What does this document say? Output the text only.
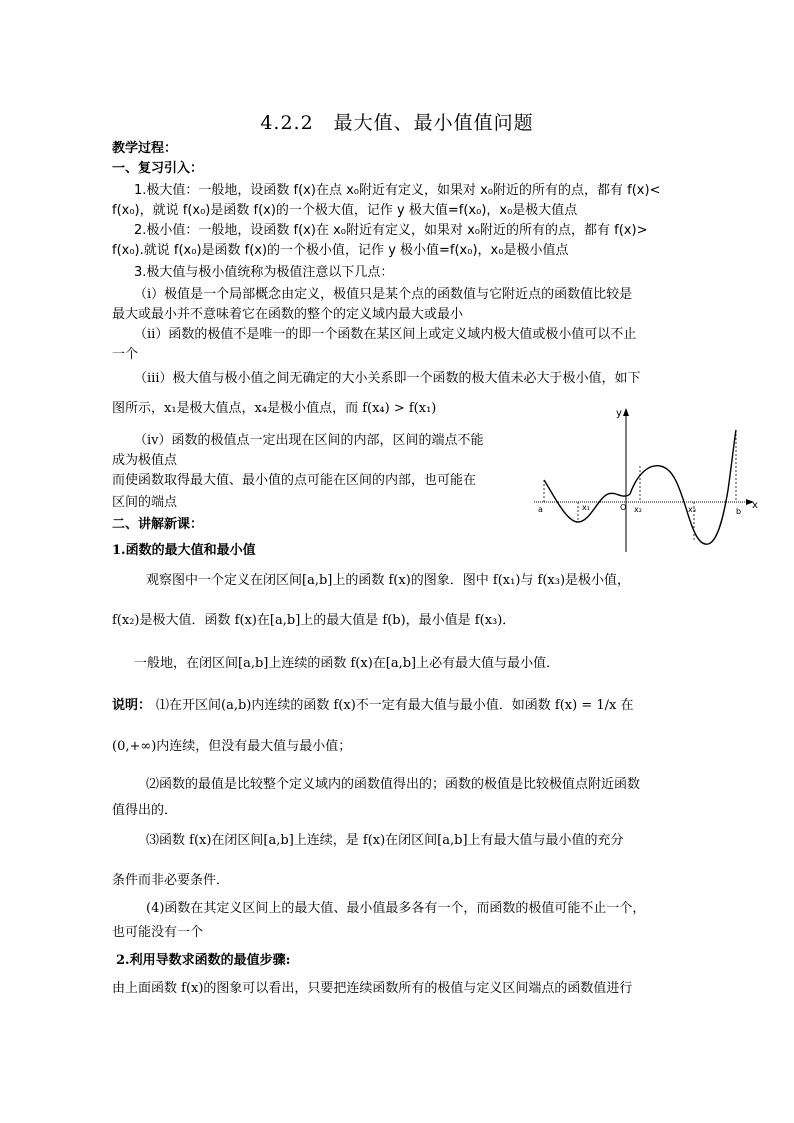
4.2.2　最大值、最小值值问题
教学过程：
一、复习引入：
1.极大值：一般地，设函数 f(x)在点 x₀附近有定义，如果对 x₀附近的所有的点，都有 f(x)<
f(x₀)，就说 f(x₀)是函数 f(x)的一个极大值，记作 y 极大值=f(x₀)，x₀是极大值点
2.极小值：一般地，设函数 f(x)在 x₀附近有定义，如果对 x₀附近的所有的点，都有 f(x)>
f(x₀).就说 f(x₀)是函数 f(x)的一个极小值，记作 y 极小值=f(x₀)，x₀是极小值点
3.极大值与极小值统称为极值注意以下几点：
（ⅰ）极值是一个局部概念由定义，极值只是某个点的函数值与它附近点的函数值比较是
最大或最小并不意味着它在函数的整个的定义域内最大或最小
（ⅱ）函数的极值不是唯一的即一个函数在某区间上或定义域内极大值或极小值可以不止
一个
（ⅲ）极大值与极小值之间无确定的大小关系即一个函数的极大值未必大于极小值，如下
图所示，x₁是极大值点，x₄是极小值点，而 f(x₄) > f(x₁)
（ⅳ）函数的极值点一定出现在区间的内部，区间的端点不能
成为极值点
而使函数取得最大值、最小值的点可能在区间的内部，也可能在
区间的端点
y
x
a	x₁	O x₂	x₃	b
二、讲解新课：
1.函数的最大值和最小值
观察图中一个定义在闭区间[a,b]上的函数 f(x)的图象．图中 f(x₁)与 f(x₃)是极小值，
f(x₂)是极大值．函数 f(x)在[a,b]上的最大值是 f(b)，最小值是 f(x₃)．
一般地，在闭区间[a,b]上连续的函数 f(x)在[a,b]上必有最大值与最小值．
说明： ⑴在开区间(a,b)内连续的函数 f(x)不一定有最大值与最小值．如函数 f(x) = 1/x 在
(0,+∞)内连续，但没有最大值与最小值；
⑵函数的最值是比较整个定义域内的函数值得出的；函数的极值是比较极值点附近函数
值得出的．
⑶函数 f(x)在闭区间[a,b]上连续，是 f(x)在闭区间[a,b]上有最大值与最小值的充分
条件而非必要条件．
(4)函数在其定义区间上的最大值、最小值最多各有一个，而函数的极值可能不止一个，
也可能没有一个
2.利用导数求函数的最值步骤:
由上面函数 f(x)的图象可以看出，只要把连续函数所有的极值与定义区间端点的函数值进行
